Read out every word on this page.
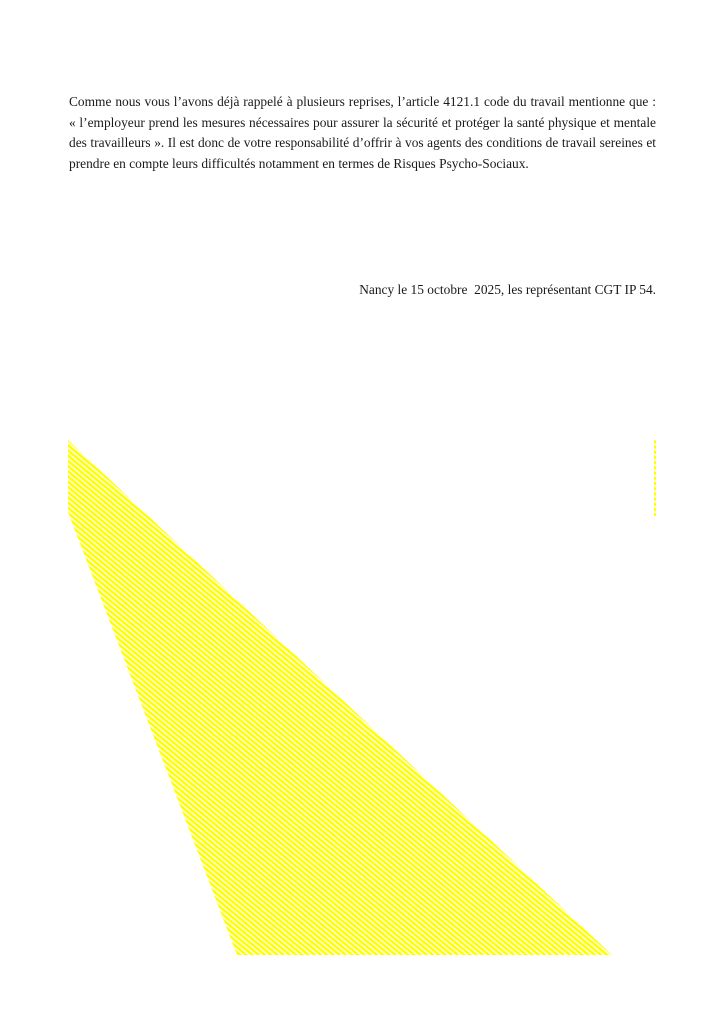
Comme nous vous l’avons déjà rappelé à plusieurs reprises, l’article 4121.1 code du travail mentionne que : « l’employeur prend les mesures nécessaires pour assurer la sécurité et protéger la santé physique et mentale des travailleurs ». Il est donc de votre responsabilité d’offrir à vos agents des conditions de travail sereines et prendre en compte leurs difficultés notamment en termes de Risques Psycho-Sociaux.

Nancy le 15 octobre  2025, les représentant CGT IP 54.
